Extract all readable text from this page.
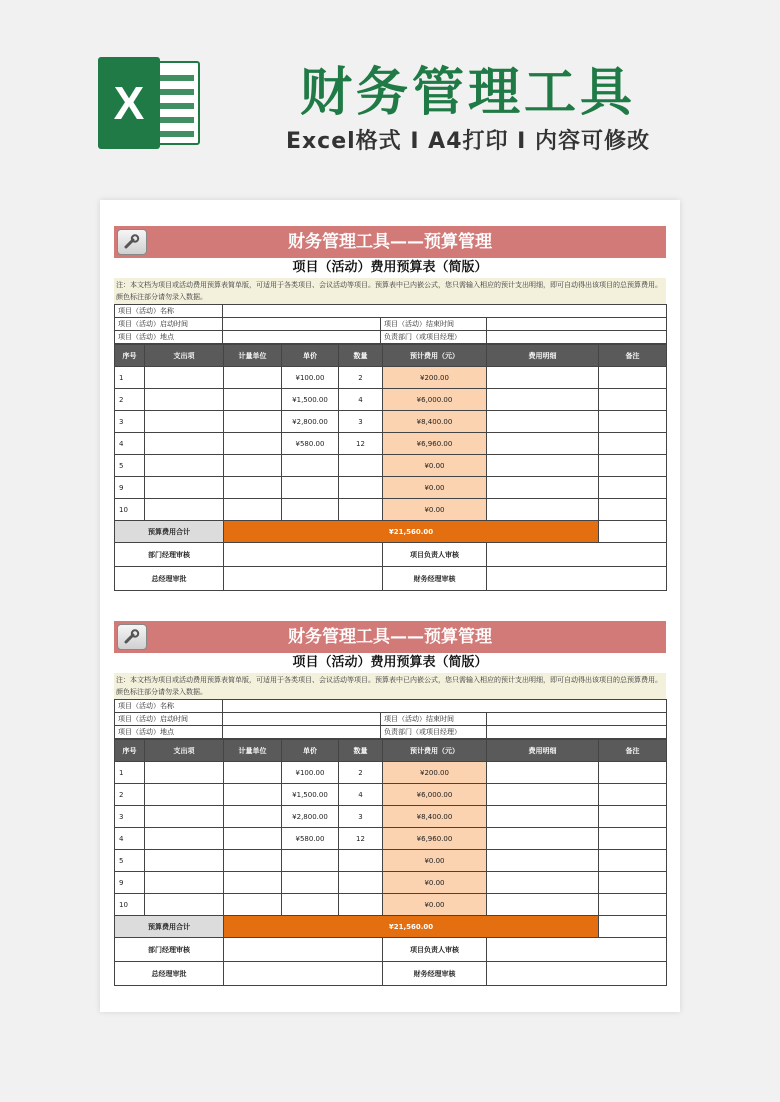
X	财务管理工具
Excel格式 I A4打印 I 内容可修改
财务管理工具——预算管理
项目（活动）费用预算表（简版）
注：本文档为项目或活动费用预算表简单版，可适用于各类项目、会议活动等项目。预算表中已内嵌公式，您只需输入相应的预计支出明细，即可自动得出该项目的总预算费用。颜色标注部分请勿录入数据。
项目（活动）名称			
项目（活动）启动时间		项目（活动）结束时间	
项目（活动）地点		负责部门（或项目经理）	
序号	支出项	计量单位	单价	数量	预计费用（元）	费用明细	备注
1			¥100.00	2	¥200.00		
2			¥1,500.00	4	¥6,000.00		
3			¥2,800.00	3	¥8,400.00		
4			¥580.00	12	¥6,960.00		
5					¥0.00		
9					¥0.00		
10					¥0.00		
预算费用合计		¥21,560.00					
部门经理审核					项目负责人审核		
总经理审批					财务经理审核		
财务管理工具——预算管理
项目（活动）费用预算表（简版）
注：本文档为项目或活动费用预算表简单版，可适用于各类项目、会议活动等项目。预算表中已内嵌公式，您只需输入相应的预计支出明细，即可自动得出该项目的总预算费用。颜色标注部分请勿录入数据。
项目（活动）名称			
项目（活动）启动时间		项目（活动）结束时间	
项目（活动）地点		负责部门（或项目经理）	
序号	支出项	计量单位	单价	数量	预计费用（元）	费用明细	备注
1			¥100.00	2	¥200.00		
2			¥1,500.00	4	¥6,000.00		
3			¥2,800.00	3	¥8,400.00		
4			¥580.00	12	¥6,960.00		
5					¥0.00		
9					¥0.00		
10					¥0.00		
预算费用合计		¥21,560.00					
部门经理审核					项目负责人审核		
总经理审批					财务经理审核		
